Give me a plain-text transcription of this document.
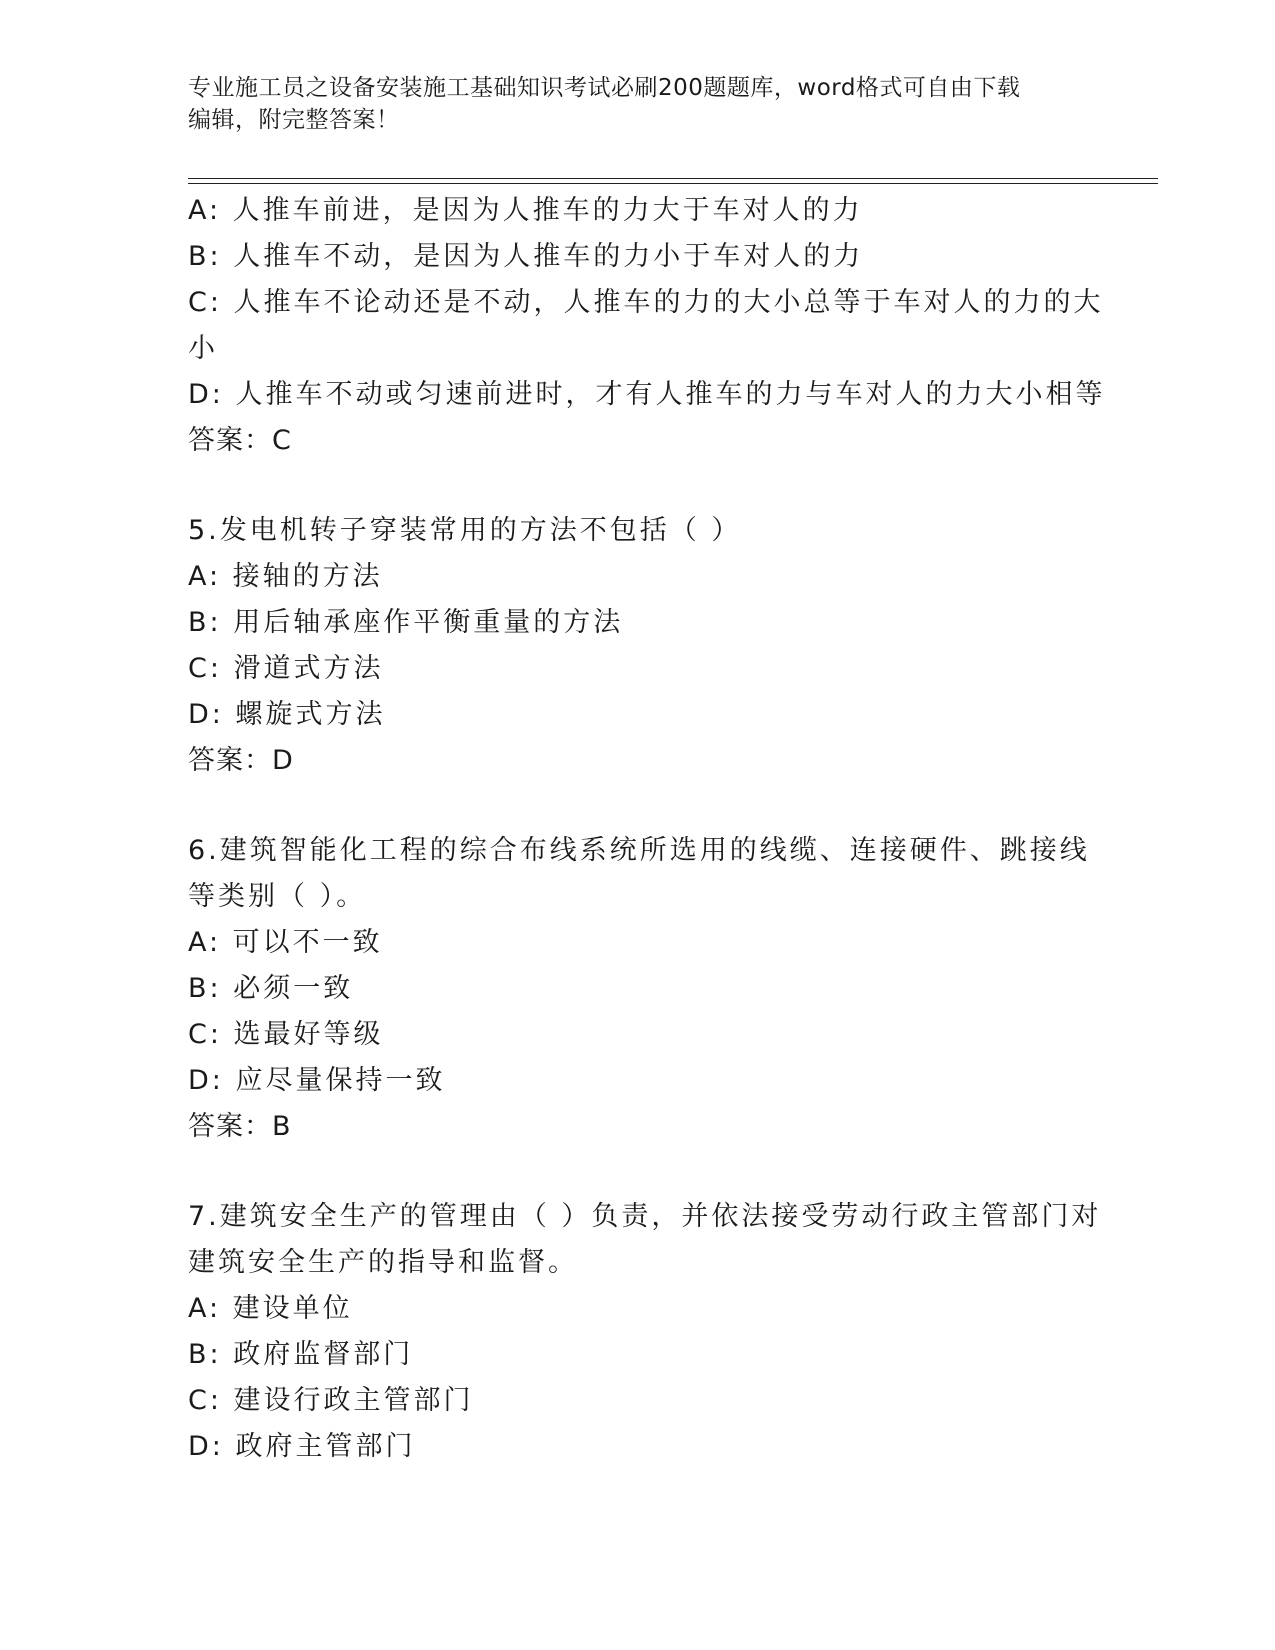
专业施工员之设备安装施工基础知识考试必刷200题题库，word格式可自由下载
编辑，附完整答案！
A: 人推车前进，是因为人推车的力大于车对人的力
B: 人推车不动，是因为人推车的力小于车对人的力
C: 人推车不论动还是不动，人推车的力的大小总等于车对人的力的大
小
D: 人推车不动或匀速前进时，才有人推车的力与车对人的力大小相等
答案：C
5.发电机转子穿装常用的方法不包括（ ）
A: 接轴的方法
B: 用后轴承座作平衡重量的方法
C: 滑道式方法
D: 螺旋式方法
答案：D
6.建筑智能化工程的综合布线系统所选用的线缆、连接硬件、跳接线
等类别（ ）。
A: 可以不一致
B: 必须一致
C: 选最好等级
D: 应尽量保持一致
答案：B
7.建筑安全生产的管理由（ ）负责，并依法接受劳动行政主管部门对
建筑安全生产的指导和监督。
A: 建设单位
B: 政府监督部门
C: 建设行政主管部门
D: 政府主管部门
